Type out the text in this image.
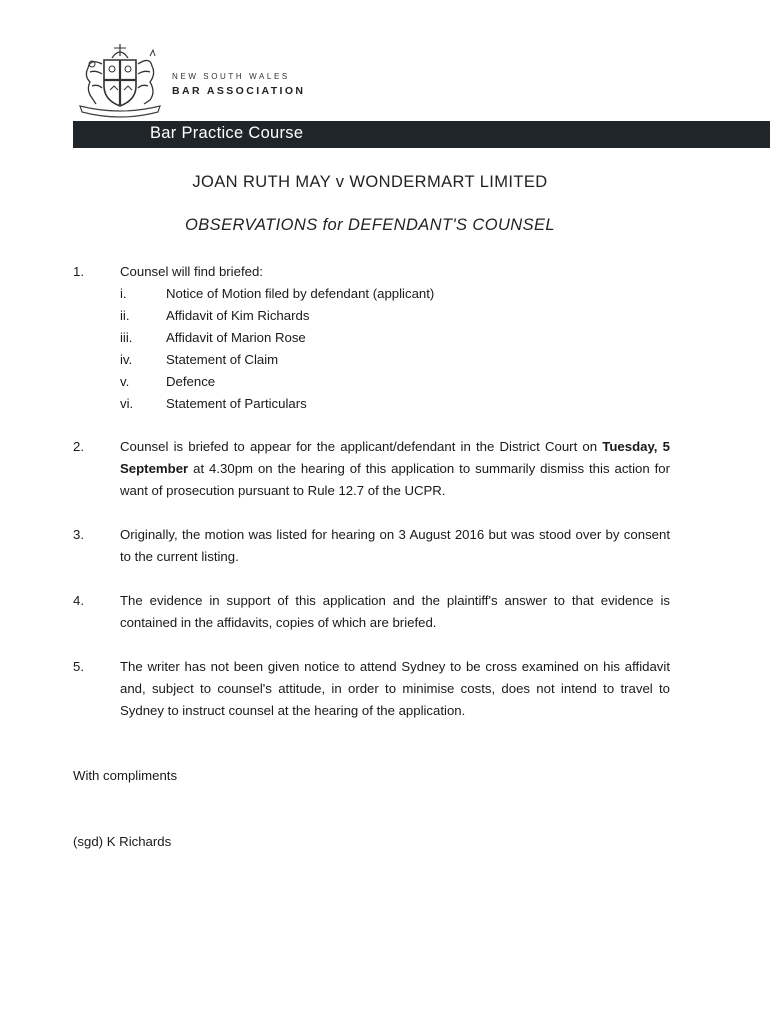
NEW SOUTH WALES
BAR ASSOCIATION
Bar Practice Course
JOAN RUTH MAY v WONDERMART LIMITED
OBSERVATIONS for DEFENDANT'S COUNSEL
1.	Counsel will find briefed:
i.	Notice of Motion filed by defendant (applicant)
ii.	Affidavit of Kim Richards
iii.	Affidavit of Marion Rose
iv.	Statement of Claim
v.	Defence
vi. Statement of Particulars
2.	Counsel is briefed to appear for the applicant/defendant in the District Court on Tuesday, 5 September at 4.30pm on the hearing of this application to summarily dismiss this action for want of prosecution pursuant to Rule 12.7 of the UCPR.
3.	Originally, the motion was listed for hearing on 3 August 2016 but was stood over by consent to the current listing.
4.	The evidence in support of this application and the plaintiff's answer to that evidence is contained in the affidavits, copies of which are briefed.
5.	The writer has not been given notice to attend Sydney to be cross examined on his affidavit and, subject to counsel's attitude, in order to minimise costs, does not intend to travel to Sydney to instruct counsel at the hearing of the application.
With compliments
(sgd) K Richards
